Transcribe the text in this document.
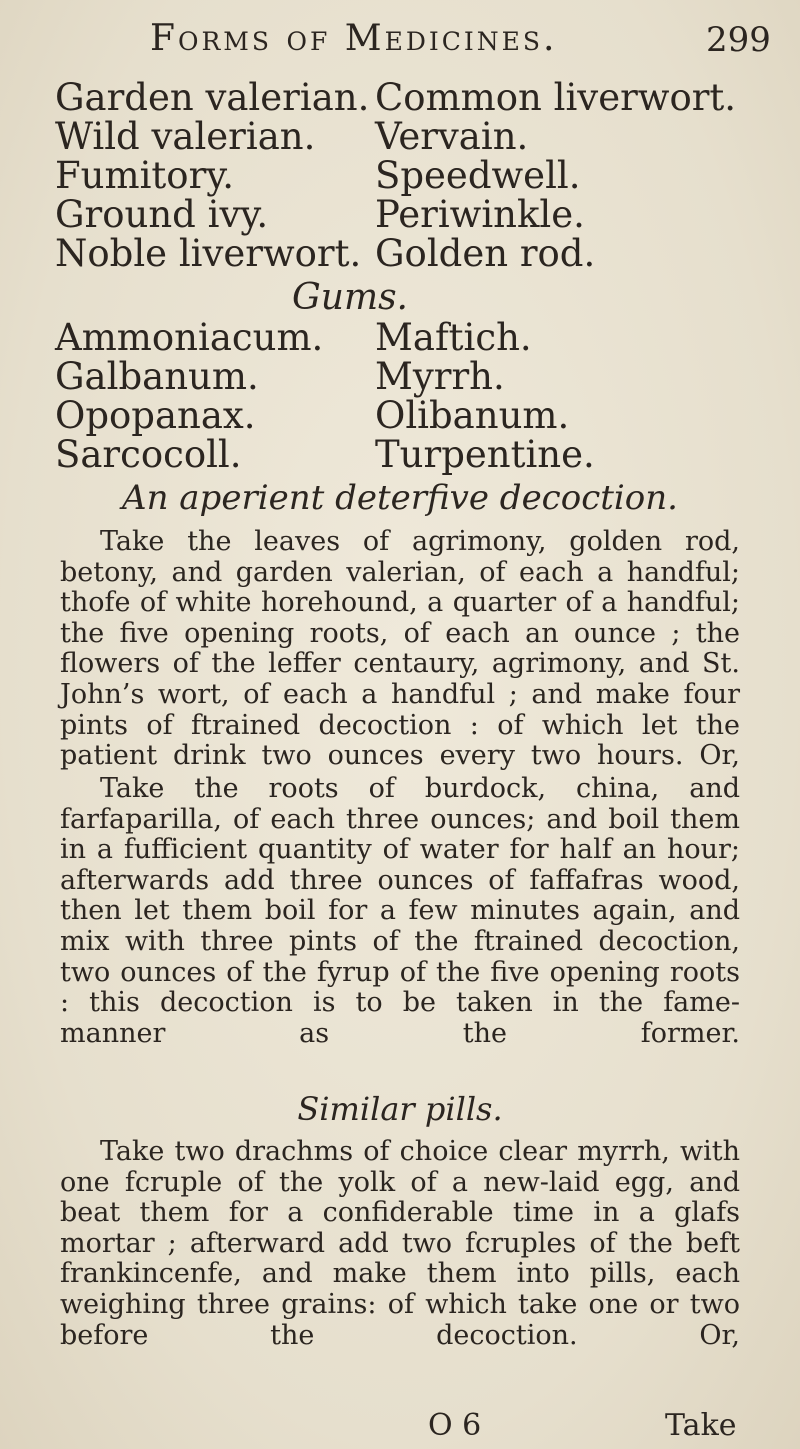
Forms of Medicines.	299
Garden valerian. Common liverwort.
Wild valerian. Vervain.
Fumitory.	Speedwell.
Ground ivy.	Periwinkle.
Noble liverwort. Golden rod.
Gums.
Ammoniacum. Maftich.
Galbanum.	Myrrh.
Opopanax.	Olibanum.
Sarcocoll.	Turpentine.
An aperient deterfive decoction.
Take the leaves of agrimony, golden rod, betony, and garden valerian, of each a handful; thofe of white horehound, a quarter of a handful; the five opening roots, of each an ounce ; the flowers of the leffer centaury, agrimony, and St. John’s wort, of each a handful ; and make four pints of ftrained decoction : of which let the patient drink two ounces every two hours. Or,
Take the roots of burdock, china, and farfaparilla, of each three ounces; and boil them in a fufficient quantity of water for half an hour; afterwards add three ounces of faffafras wood, then let them boil for a few minutes again, and mix with three pints of the ftrained decoction, two ounces of the fyrup of the five opening roots : this decoction is to be taken in the fame-manner as the former.
Similar pills.
Take two drachms of choice clear myrrh, with one fcruple of the yolk of a new-laid egg, and beat them for a confiderable time in a glafs mortar ; afterward add two fcruples of the beft frankincenfe, and make them into pills, each weighing three grains: of which take one or two before the decoction. Or,
O 6	Take
